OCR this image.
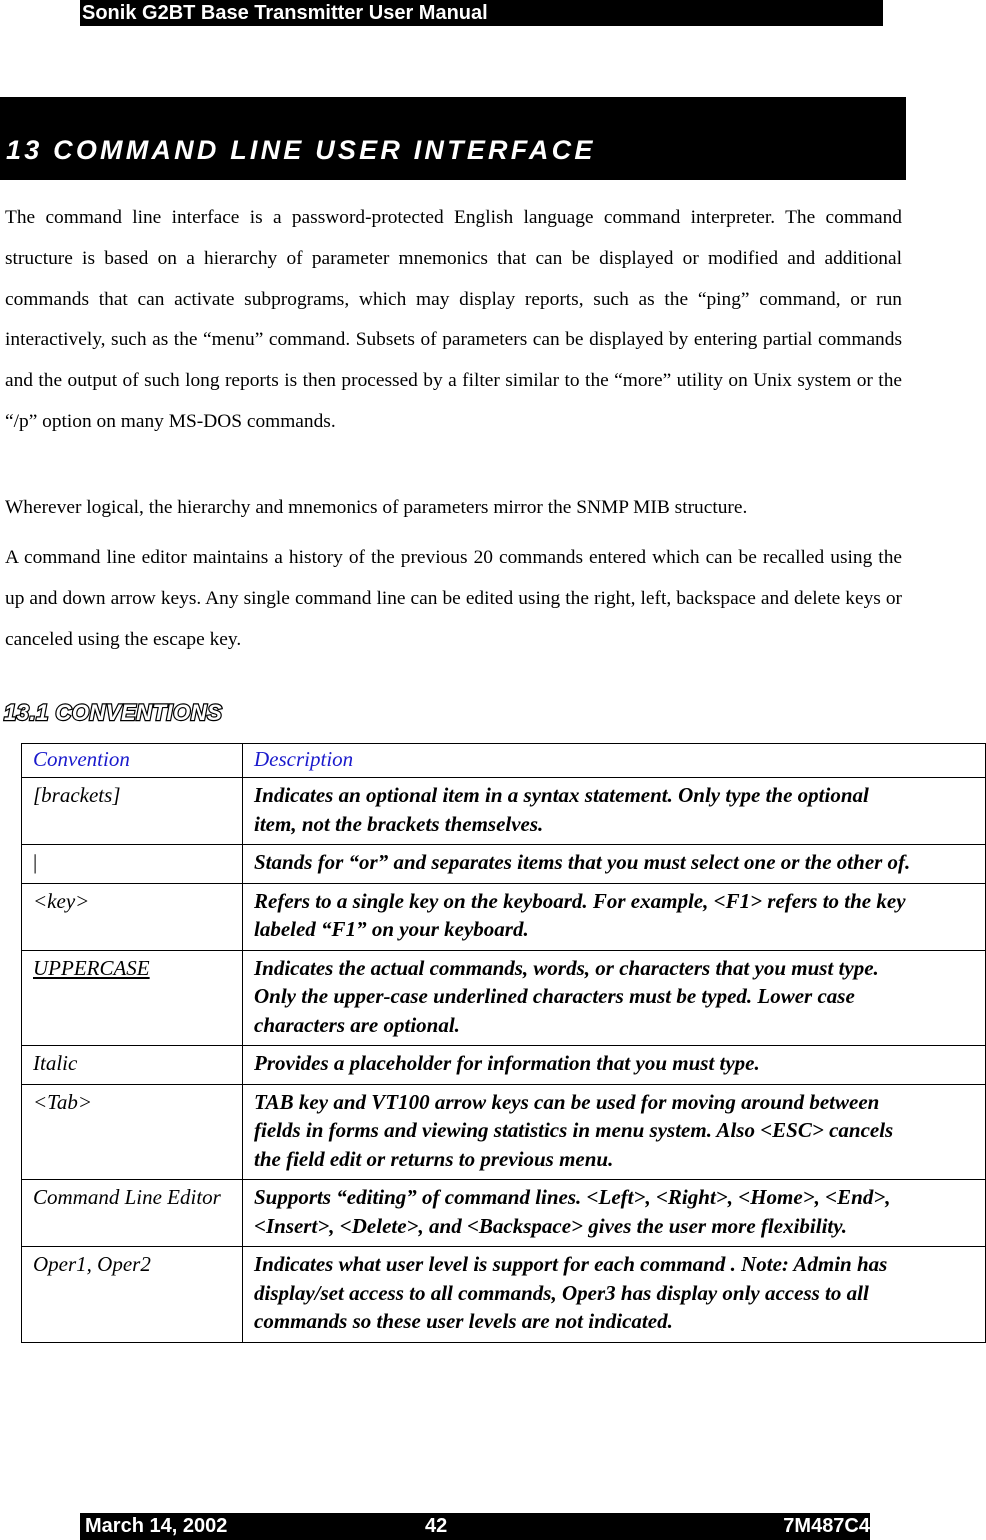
Sonik G2BT Base Transmitter User Manual
13 COMMAND LINE USER INTERFACE

The command line interface is a password-protected English language command interpreter. The command structure is based on a hierarchy of parameter mnemonics that can be displayed or modified and additional commands that can activate subprograms, which may display reports, such as the “ping” command, or run interactively, such as the “menu” command. Subsets of parameters can be displayed by entering partial commands and the output of such long reports is then processed by a filter similar to the “more” utility on Unix system or the “/p” option on many MS-DOS commands.

Wherever logical, the hierarchy and mnemonics of parameters mirror the SNMP MIB structure.

A command line editor maintains a history of the previous 20 commands entered which can be recalled using the up and down arrow keys. Any single command line can be edited using the right, left, backspace and delete keys or canceled using the escape key.

13.1 CONVENTIONS
Convention	Description
[brackets]	Indicates an optional item in a syntax statement. Only type the optional item, not the brackets themselves.

|	Stands for “or” and separates items that you must select one or the other of.

<key>	Refers to a single key on the keyboard. For example, <F1> refers to the key labeled “F1” on your keyboard.

UPPERCASE	Indicates the actual commands, words, or characters that you must type. Only the upper-case underlined characters must be typed. Lower case characters are optional.

Italic	Provides a placeholder for information that you must type.

<Tab>	TAB key and VT100 arrow keys can be used for moving around between fields in forms and viewing statistics in menu system. Also <ESC> cancels the field edit or returns to previous menu.

Command Line Editor	Supports “editing” of command lines. <Left>, <Right>, <Home>, <End>, <Insert>, <Delete>, and <Backspace> gives the user more flexibility.

Oper1, Oper2	Indicates what user level is support for each command . Note: Admin has display/set access to all commands, Oper3 has display only access to all commands so these user levels are not indicated.
March 14, 2002	42	7M487C4
